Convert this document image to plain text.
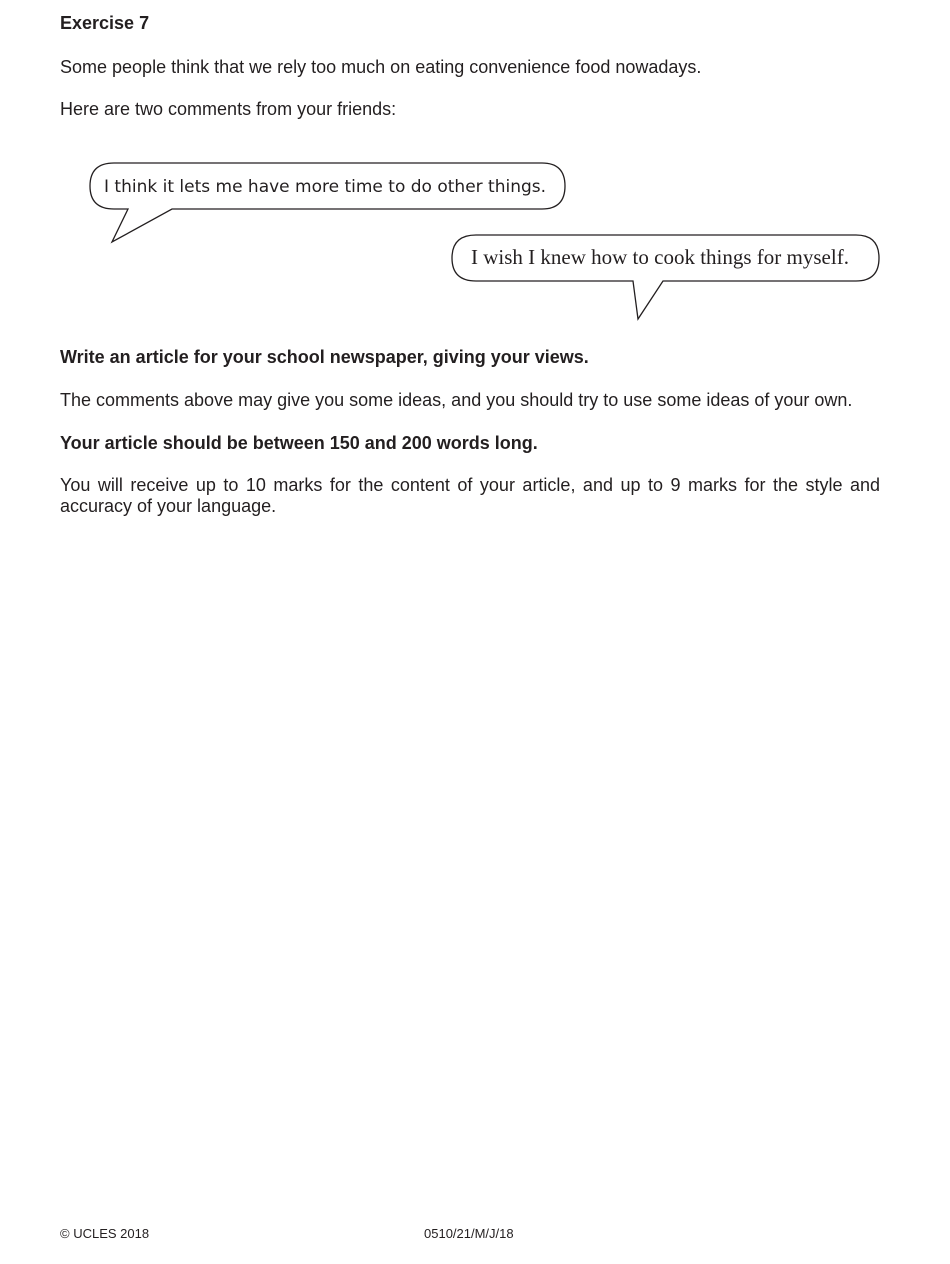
Exercise 7

Some people think that we rely too much on eating convenience food nowadays.

Here are two comments from your friends:

I think it lets me have more time to do other things.
I wish I knew how to cook things for myself.

Write an article for your school newspaper, giving your views.

The comments above may give you some ideas, and you should try to use some ideas of your own.

Your article should be between 150 and 200 words long.

You will receive up to 10 marks for the content of your article, and up to 9 marks for the style and accuracy of your language.

© UCLES 2018	0510/21/M/J/18
